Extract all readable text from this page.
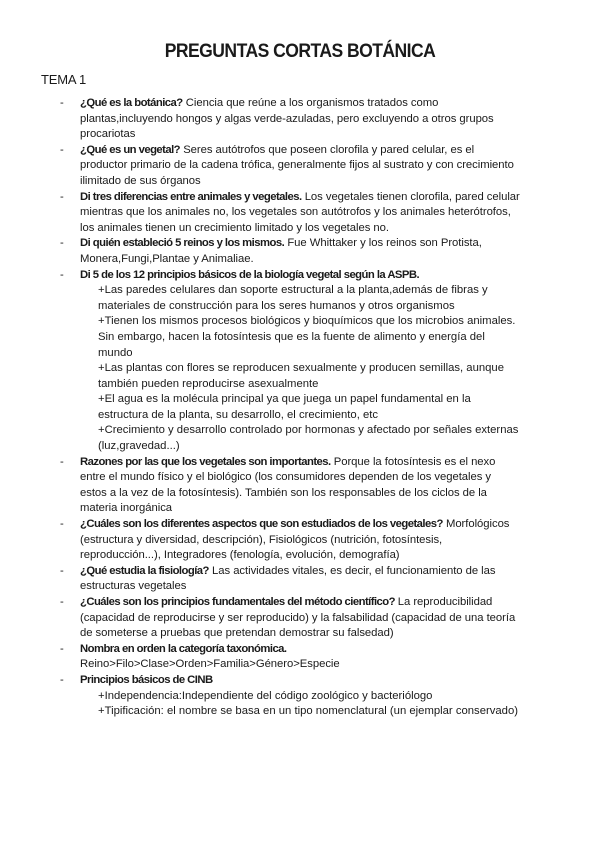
PREGUNTAS CORTAS BOTÁNICA
TEMA 1
- ¿Qué es la botánica? Ciencia que reúne a los organismos tratados como plantas,incluyendo hongos y algas verde-azuladas, pero excluyendo a otros grupos procariotas
- ¿Qué es un vegetal? Seres autótrofos que poseen clorofila y pared celular, es el productor primario de la cadena trófica, generalmente fijos al sustrato y con crecimiento ilimitado de sus órganos
- Di tres diferencias entre animales y vegetales. Los vegetales tienen clorofila, pared celular mientras que los animales no, los vegetales son autótrofos y los animales heterótrofos, los animales tienen un crecimiento limitado y los vegetales no.
- Di quién estableció 5 reinos y los mismos. Fue Whittaker y los reinos son Protista, Monera,Fungi,Plantae y Animaliae.
- Di 5 de los 12 principios básicos de la biología vegetal según la ASPB.
+Las paredes celulares dan soporte estructural a la planta,además de fibras y materiales de construcción para los seres humanos y otros organismos
+Tienen los mismos procesos biológicos y bioquímicos que los microbios animales. Sin embargo, hacen la fotosíntesis que es la fuente de alimento y energía del mundo
+Las plantas con flores se reproducen sexualmente y producen semillas, aunque también pueden reproducirse asexualmente
+El agua es la molécula principal ya que juega un papel fundamental en la estructura de la planta, su desarrollo, el crecimiento, etc
+Crecimiento y desarrollo controlado por hormonas y afectado por señales externas (luz,gravedad...)
- Razones por las que los vegetales son importantes. Porque la fotosíntesis es el nexo entre el mundo físico y el biológico (los consumidores dependen de los vegetales y estos a la vez de la fotosíntesis). También son los responsables de los ciclos de la materia inorgánica
- ¿Cuáles son los diferentes aspectos que son estudiados de los vegetales? Morfológicos (estructura y diversidad, descripción), Fisiológicos (nutrición, fotosíntesis, reproducción...), Integradores (fenología, evolución, demografía)
- ¿Qué estudia la fisiología? Las actividades vitales, es decir, el funcionamiento de las estructuras vegetales
- ¿Cuáles son los principios fundamentales del método científico? La reproducibilidad (capacidad de reproducirse y ser reproducido) y la falsabilidad (capacidad de una teoría de someterse a pruebas que pretendan demostrar su falsedad)
- Nombra en orden la categoría taxonómica.
Reino>Filo>Clase>Orden>Familia>Género>Especie
- Principios básicos de CINB
+Independencia:Independiente del código zoológico y bacteriólogo
+Tipificación: el nombre se basa en un tipo nomenclatural (un ejemplar conservado)
